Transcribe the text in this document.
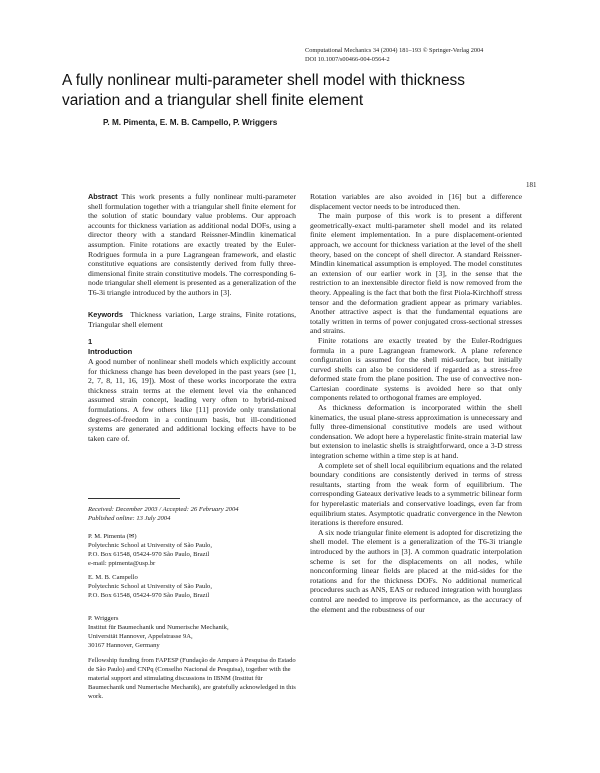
Computational Mechanics 34 (2004) 181–193 © Springer-Verlag 2004
DOI 10.1007/s00466-004-0564-2
A fully nonlinear multi-parameter shell model with thickness
variation and a triangular shell finite element
P. M. Pimenta, E. M. B. Campello, P. Wriggers
181

Abstract This work presents a fully nonlinear multi-parameter shell formulation together with a triangular shell finite element for the solution of static boundary value problems. Our approach accounts for thickness variation as additional nodal DOFs, using a director theory with a standard Reissner-Mindlin kinematical assumption. Finite rotations are exactly treated by the Euler-Rodrigues formula in a pure Lagrangean framework, and elastic constitutive equations are consistently derived from fully three-dimensional finite strain constitutive models. The corresponding 6-node triangular shell element is presented as a generalization of the T6-3i triangle introduced by the authors in [3].

Keywords Thickness variation, Large strains, Finite rotations, Triangular shell element

1
Introduction

A good number of nonlinear shell models which explicitly account for thickness change has been developed in the past years (see [1, 2, 7, 8, 11, 16, 19]). Most of these works incorporate the extra thickness strain terms at the element level via the enhanced assumed strain concept, leading very often to hybrid-mixed formulations. A few others like [11] provide only translational degrees-of-freedom in a continuum basis, but ill-conditioned systems are generated and additional locking effects have to be taken care of.

Received: December 2003 / Accepted: 26 February 2004
Published online: 13 July 2004

P. M. Pimenta (✉)

Polytechnic School at University of São Paulo,

P.O. Box 61548, 05424-970 São Paulo, Brazil

e-mail: ppimenta@usp.br

E. M. B. Campello

Polytechnic School at University of São Paulo,

P.O. Box 61548, 05424-970 São Paulo, Brazil

P. Wriggers

Institut für Baumechanik und Numerische Mechanik,

Universität Hannover, Appelstrasse 9A,

30167 Hannover, Germany

Fellowship funding from FAPESP (Fundação de Amparo à Pesquisa do Estado de São Paulo) and CNPq (Conselho Nacional de Pesquisa), together with the material support and stimulating discussions in IBNM (Institut für Baumechanik und Numerische Mechanik), are gratefully acknowledged in this work.

Rotation variables are also avoided in [16] but a difference displacement vector needs to be introduced then.

The main purpose of this work is to present a different geometrically-exact multi-parameter shell model and its related finite element implementation. In a pure displacement-oriented approach, we account for thickness variation at the level of the shell theory, based on the concept of shell director. A standard Reissner-Mindlin kinematical assumption is employed. The model constitutes an extension of our earlier work in [3], in the sense that the restriction to an inextensible director field is now removed from the theory. Appealing is the fact that both the first Piola-Kirchhoff stress tensor and the deformation gradient appear as primary variables. Another attractive aspect is that the fundamental equations are totally written in terms of power conjugated cross-sectional stresses and strains.

Finite rotations are exactly treated by the Euler-Rodrigues formula in a pure Lagrangean framework. A plane reference configuration is assumed for the shell mid-surface, but initially curved shells can also be considered if regarded as a stress-free deformed state from the plane position. The use of convective non-Cartesian coordinate systems is avoided here so that only components related to orthogonal frames are employed.

As thickness deformation is incorporated within the shell kinematics, the usual plane-stress approximation is unnecessary and fully three-dimensional constitutive models are used without condensation. We adopt here a hyperelastic finite-strain material law but extension to inelastic shells is straightforward, once a 3-D stress integration scheme within a time step is at hand.

A complete set of shell local equilibrium equations and the related boundary conditions are consistently derived in terms of stress resultants, starting from the weak form of equilibrium. The corresponding Gateaux derivative leads to a symmetric bilinear form for hyperelastic materials and conservative loadings, even far from equilibrium states. Asymptotic quadratic convergence in the Newton iterations is therefore ensured.

A six node triangular finite element is adopted for discretizing the shell model. The element is a generalization of the T6-3i triangle introduced by the authors in [3]. A common quadratic interpolation scheme is set for the displacements on all nodes, while nonconforming linear fields are placed at the mid-sides for the rotations and for the thickness DOFs. No additional numerical procedures such as ANS, EAS or reduced integration with hourglass control are needed to improve its performance, as the accuracy of the element and the robustness of our
